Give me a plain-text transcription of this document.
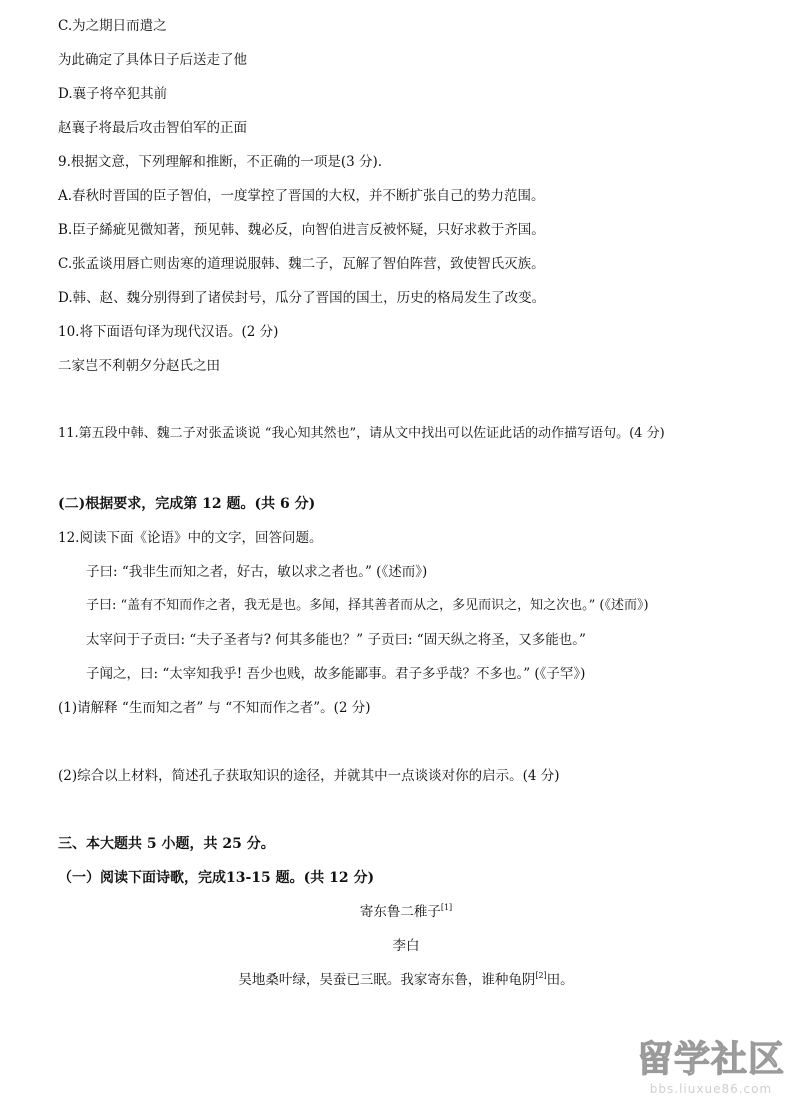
C.为之期日而遣之
为此确定了具体日子后送走了他
D.襄子将卒犯其前
赵襄子将最后攻击智伯军的正面
9.根据文意，下列理解和推断，不正确的一项是(3 分).
A.春秋时晋国的臣子智伯，一度掌控了晋国的大权，并不断扩张自己的势力范围。
B.臣子絺疵见微知著，预见韩、魏必反，向智伯进言反被怀疑，只好求救于齐国。
C.张孟谈用唇亡则齿寒的道理说服韩、魏二子，瓦解了智伯阵营，致使智氏灭族。
D.韩、赵、魏分别得到了诸侯封号，瓜分了晋国的国土，历史的格局发生了改变。
10.将下面语句译为现代汉语。(2 分)
二家岂不利朝夕分赵氏之田
11.第五段中韩、魏二子对张孟谈说 “我心知其然也”，请从文中找出可以佐证此话的动作描写语句。(4 分)
(二)根据要求，完成第 12 题。(共 6 分)
12.阅读下面《论语》中的文字，回答问题。
子曰: “我非生而知之者，好古，敏以求之者也。” (《述而》)
子曰: “盖有不知而作之者，我无是也。多闻，择其善者而从之，多见而识之，知之次也。” (《述而》)
太宰问于子贡曰: “夫子圣者与? 何其多能也？” 子贡曰: “固天纵之将圣，又多能也。”
子闻之，曰: “太宰知我乎! 吾少也贱，故多能鄙事。君子多乎哉？不多也。” (《子罕》)
(1)请解释 “生而知之者” 与 “不知而作之者”。(2 分)
(2)综合以上材料，简述孔子获取知识的途径，并就其中一点谈谈对你的启示。(4 分)
三、本大题共 5 小题，共 25 分。
（一）阅读下面诗歌，完成13-15 题。(共 12 分)
寄东鲁二稚子[1]
李白
吴地桑叶绿，吴蚕已三眠。我家寄东鲁，谁种龟阴[2]田。
留学社区
bbs.liuxue86.com
